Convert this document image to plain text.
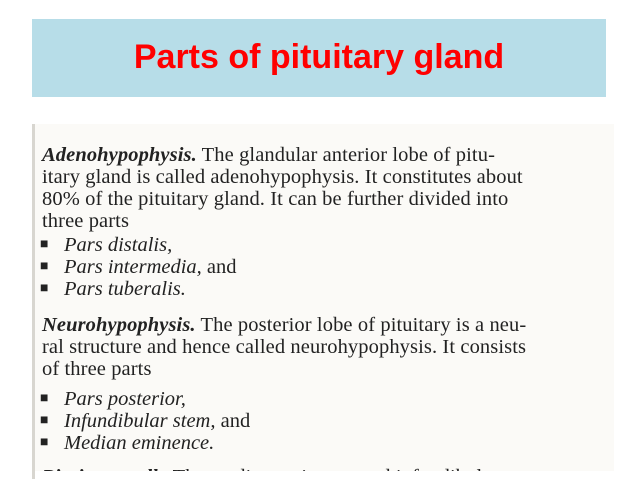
Parts of pituitary gland
Adenohypophysis. The glandular anterior lobe of pitu-
itary gland is called adenohypophysis. It constitutes about
80% of the pituitary gland. It can be further divided into
three parts
■ Pars distalis,
■ Pars intermedia, and
■ Pars tuberalis.
Neurohypophysis. The posterior lobe of pituitary is a neu-
ral structure and hence called neurohypophysis. It consists
of three parts
■ Pars posterior,
■ Infundibular stem, and
■ Median eminence.
